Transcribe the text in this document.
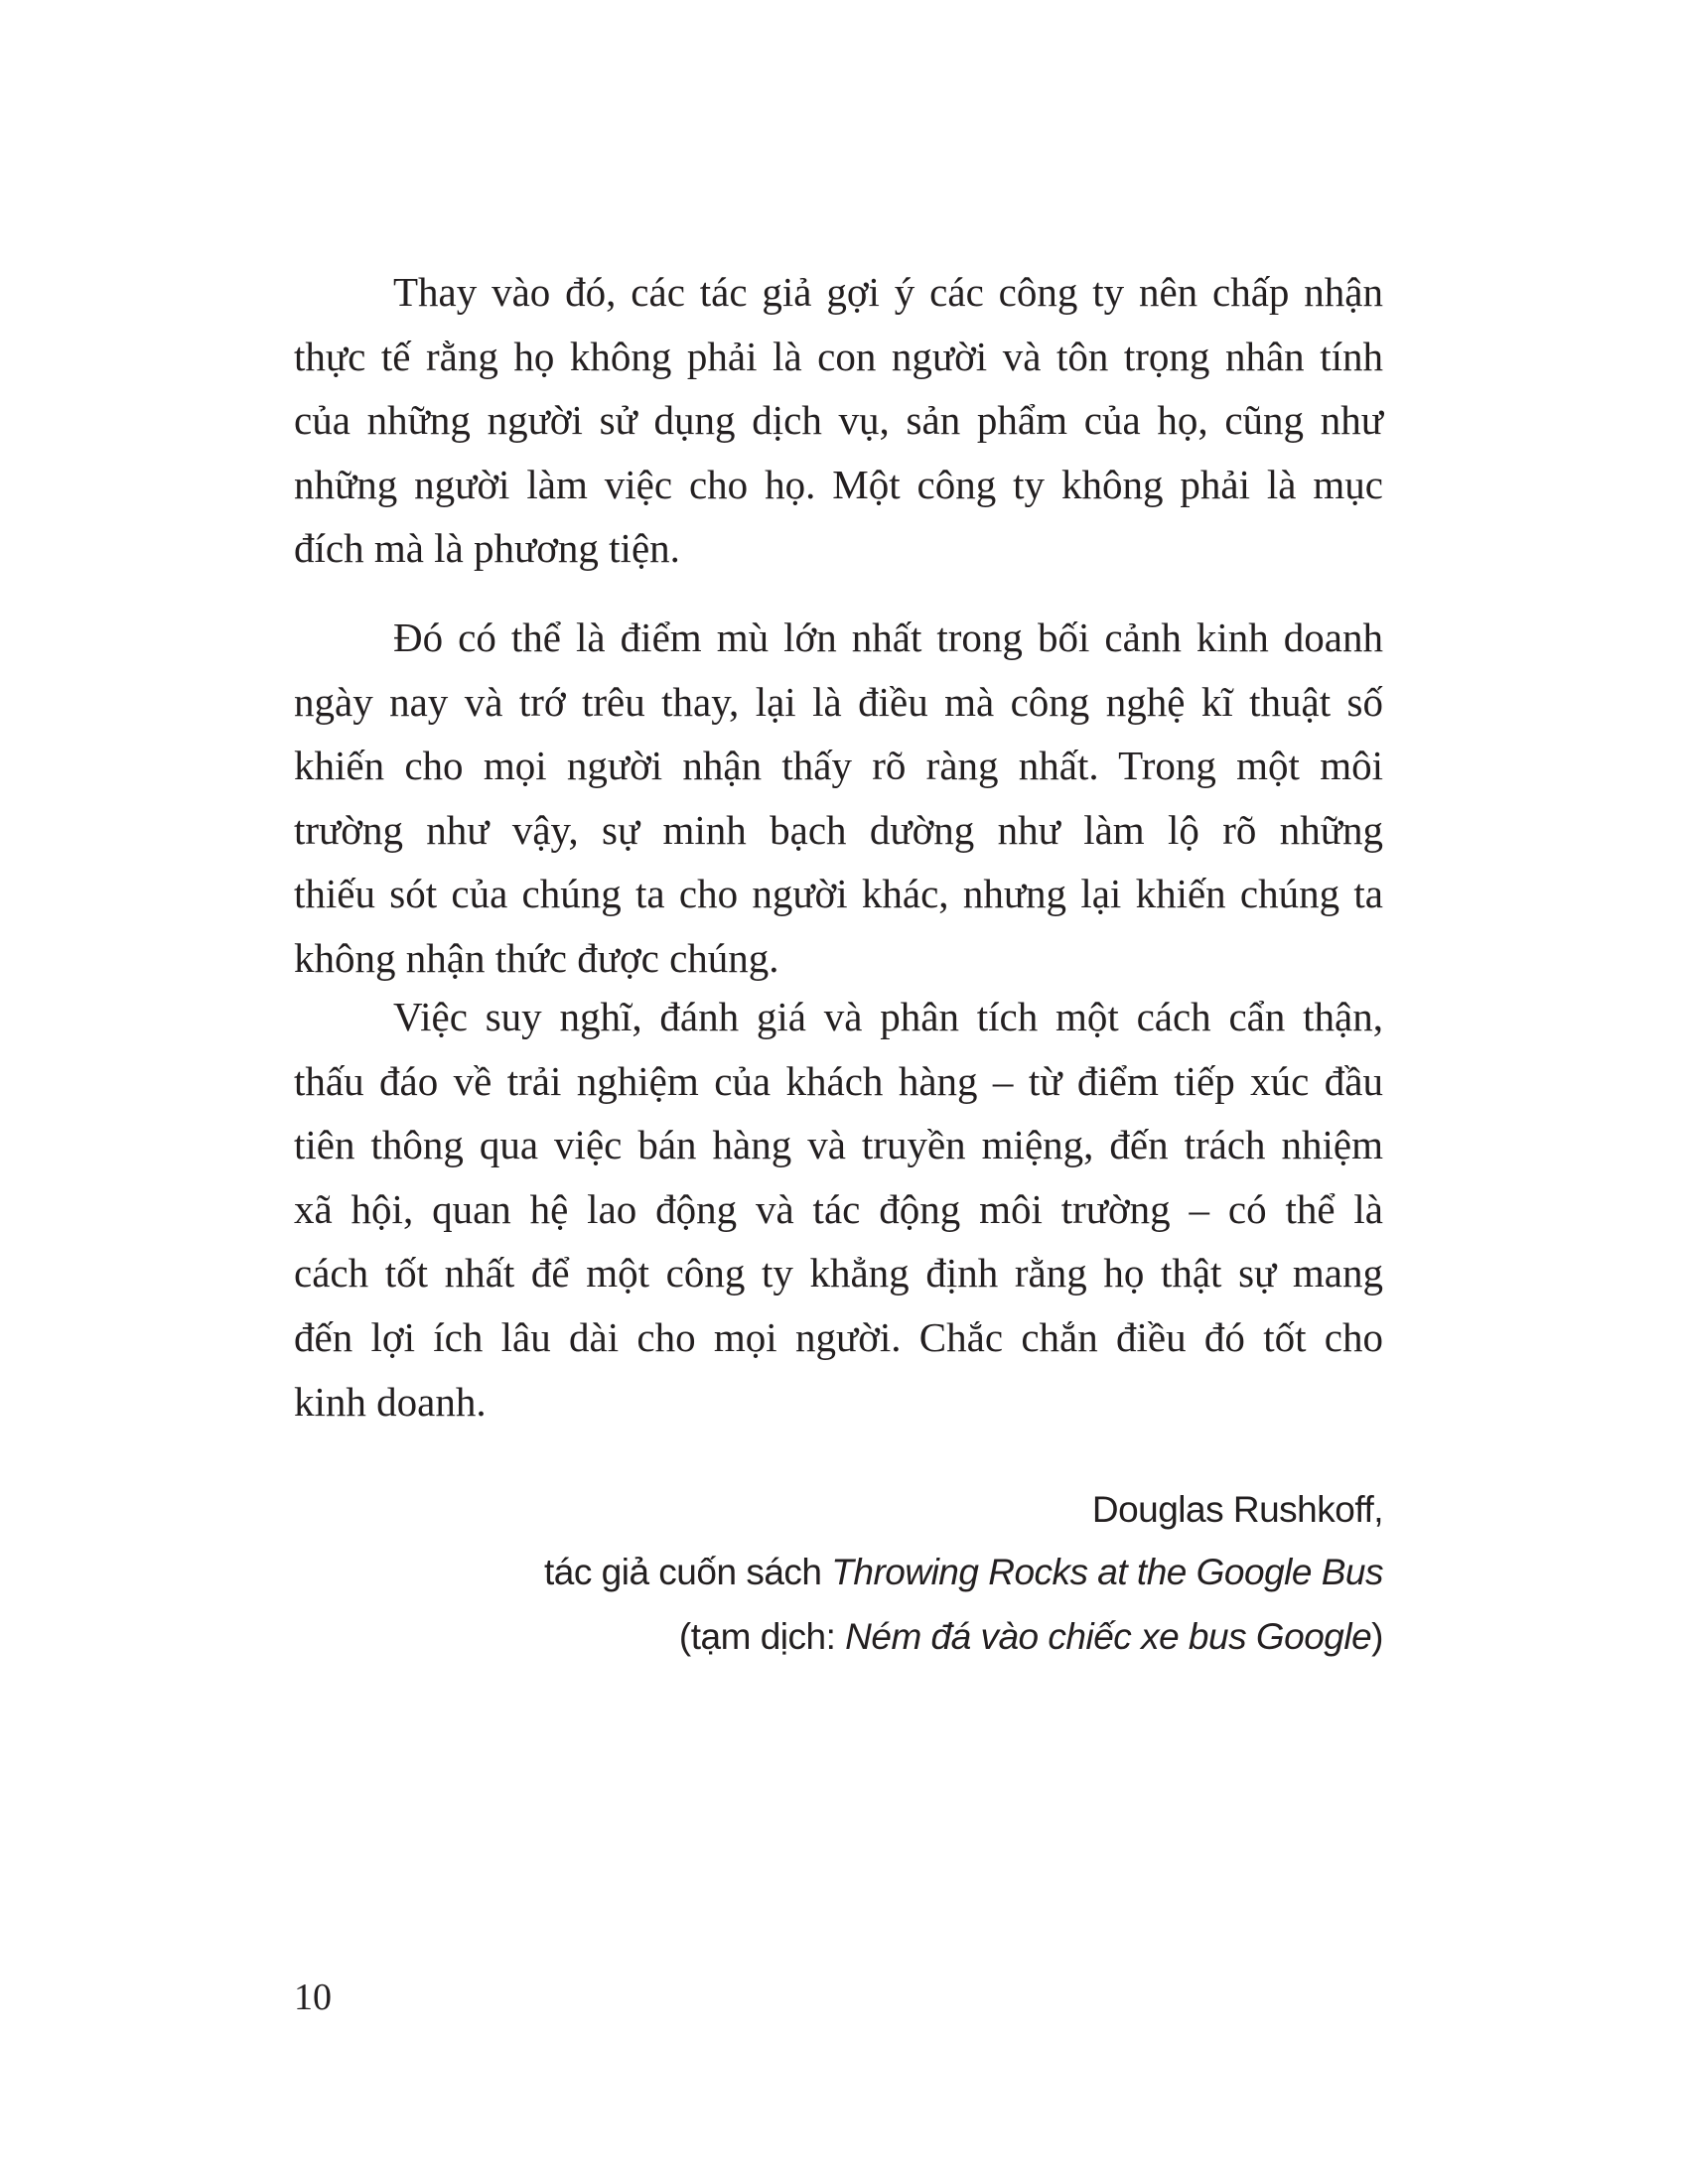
Thay vào đó, các tác giả gợi ý các công ty nên chấp nhận
thực tế rằng họ không phải là con người và tôn trọng nhân tính
của những người sử dụng dịch vụ, sản phẩm của họ, cũng như
những người làm việc cho họ. Một công ty không phải là mục
đích mà là phương tiện.
Đó có thể là điểm mù lớn nhất trong bối cảnh kinh doanh
ngày nay và trớ trêu thay, lại là điều mà công nghệ kĩ thuật số
khiến cho mọi người nhận thấy rõ ràng nhất. Trong một môi
trường như vậy, sự minh bạch dường như làm lộ rõ những
thiếu sót của chúng ta cho người khác, nhưng lại khiến chúng ta
không nhận thức được chúng.
Việc suy nghĩ, đánh giá và phân tích một cách cẩn thận,
thấu đáo về trải nghiệm của khách hàng – từ điểm tiếp xúc đầu
tiên thông qua việc bán hàng và truyền miệng, đến trách nhiệm
xã hội, quan hệ lao động và tác động môi trường – có thể là
cách tốt nhất để một công ty khẳng định rằng họ thật sự mang
đến lợi ích lâu dài cho mọi người. Chắc chắn điều đó tốt cho
kinh doanh.
Douglas Rushkoff,
tác giả cuốn sách Throwing Rocks at the Google Bus
(tạm dịch: Ném đá vào chiếc xe bus Google)
10
